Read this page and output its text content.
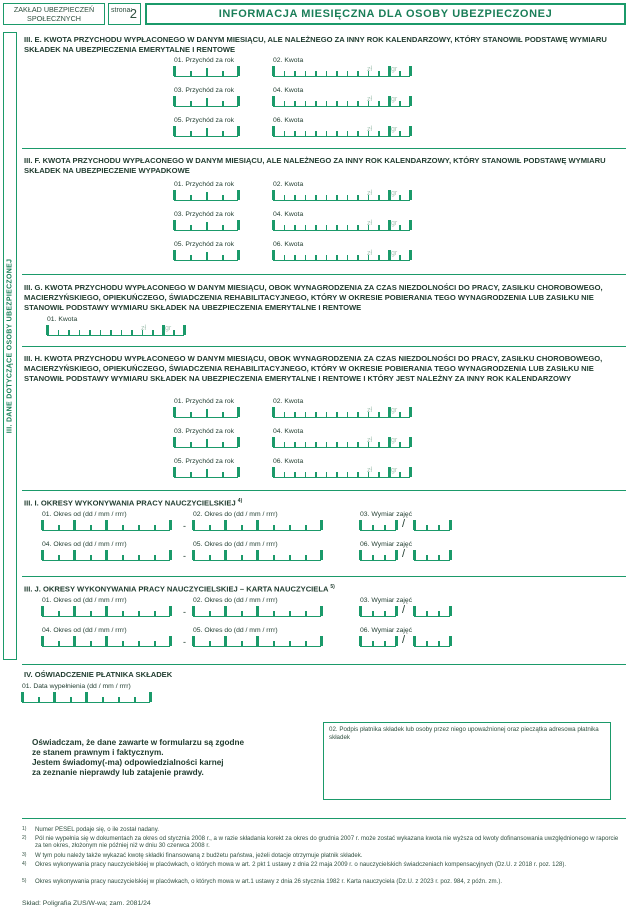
ZAKŁAD UBEZPIECZEŃ SPOŁECZNYCH
strona:
2	INFORMACJA MIESIĘCZNA DLA OSOBY UBEZPIECZONEJ
III. DANE DOTYCZĄCE OSOBY UBEZPIECZONEJ
III. E. KWOTA PRZYCHODU WYPŁACONEGO W DANYM MIESIĄCU, ALE NALEŻNEGO ZA INNY ROK KALENDARZOWY, KTÓRY STANOWIŁ PODSTAWĘ WYMIARU SKŁADEK NA UBEZPIECZENIA EMERYTALNE I RENTOWE
III. F. KWOTA PRZYCHODU WYPŁACONEGO W DANYM MIESIĄCU, ALE NALEŻNEGO ZA INNY ROK KALENDARZOWY, KTÓRY STANOWIŁ PODSTAWĘ WYMIARU SKŁADEK NA UBEZPIECZENIE WYPADKOWE
III. G. KWOTA PRZYCHODU WYPŁACONEGO W DANYM MIESIĄCU, OBOK WYNAGRODZENIA ZA CZAS NIEZDOLNOŚCI DO PRACY, ZASIŁKU CHOROBOWEGO, MACIERZYŃSKIEGO, OPIEKUŃCZEGO, ŚWIADCZENIA REHABILITACYJNEGO, KTÓRY W OKRESIE POBIERANIA TEGO WYNAGRODZENIA LUB ZASIŁKU NIE STANOWIŁ PODSTAWY WYMIARU SKŁADEK NA UBEZPIECZENIA EMERYTALNE I RENTOWE
III. H. KWOTA PRZYCHODU WYPŁACONEGO W DANYM MIESIĄCU, OBOK WYNAGRODZENIA ZA CZAS NIEZDOLNOŚCI DO PRACY, ZASIŁKU CHOROBOWEGO, MACIERZYŃSKIEGO, OPIEKUŃCZEGO, ŚWIADCZENIA REHABILITACYJNEGO, KTÓRY W OKRESIE POBIERANIA TEGO WYNAGRODZENIA LUB ZASIŁKU NIE STANOWIŁ PODSTAWY WYMIARU SKŁADEK NA UBEZPIECZENIA EMERYTALNE I RENTOWE I KTÓRY JEST NALEŻNY ZA INNY ROK KALENDARZOWY
III. I. OKRESY WYKONYWANIA PRACY NAUCZYCIELSKIEJ $^{4)}$
III. J. OKRESY WYKONYWANIA PRACY NAUCZYCIELSKIEJ – KARTA NAUCZYCIELA $^{5)}$
IV. OŚWIADCZENIE PŁATNIKA SKŁADEK
01. Przychód za rok	02. Kwota
zł	gr
03. Przychód za rok	04. Kwota
zł	gr
05. Przychód za rok	06. Kwota
zł	gr
01. Przychód za rok	02. Kwota
zł	gr
03. Przychód za rok	04. Kwota
zł	gr
05. Przychód za rok	06. Kwota
zł	gr
01. Przychód za rok	02. Kwota
zł	gr
03. Przychód za rok	04. Kwota
zł	gr
05. Przychód za rok	06. Kwota
zł	gr
01. Kwota
zł	gr
01. Okres od (dd / mm / rrrr)	02. Okres do (dd / mm / rrrr)	03. Wymiar zajęć
-	/
04. Okres od (dd / mm / rrrr)	05. Okres do (dd / mm / rrrr)	06. Wymiar zajęć
-	/
01. Okres od (dd / mm / rrrr)	02. Okres do (dd / mm / rrrr)	03. Wymiar zajęć
-	/
04. Okres od (dd / mm / rrrr)	05. Okres do (dd / mm / rrrr)	06. Wymiar zajęć
-	/
01. Data wypełnienia (dd / mm / rrrr)
Oświadczam, że dane zawarte w formularzu są zgodne
ze stanem prawnym i faktycznym.
Jestem świadomy(-ma) odpowiedzialności karnej
za zeznanie nieprawdy lub zatajenie prawdy.
02. Podpis płatnika składek lub osoby przez niego upoważnionej oraz pieczątka adresowa płatnika składek
1)	Numer PESEL podaje się, o ile został nadany.
2)	Pól nie wypełnia się w dokumentach za okres od stycznia 2008 r., a w razie składania korekt za okres do grudnia 2007 r. może zostać wykazana kwota nie wyższa od kwoty dofinansowania uwzględnionego w raporcie za ten okres, złożonym nie później niż w dniu 30 czerwca 2008 r.
3)	W tym polu należy także wykazać kwotę składki finansowaną z budżetu państwa, jeżeli dotacje otrzymuje płatnik składek.
4)	Okres wykonywania pracy nauczycielskiej w placówkach, o których mowa w art. 2 pkt 1 ustawy z dnia 22 maja 2009 r. o nauczycielskich świadczeniach kompensacyjnych (Dz.U. z 2018 r. poz. 128).
5)	Okres wykonywania pracy nauczycielskiej w placówkach, o których mowa w art.1 ustawy z dnia 26 stycznia 1982 r. Karta nauczyciela (Dz.U. z 2023 r. poz. 984, z późn. zm.).
Skład: Poligrafia ZUS/W-wa; zam. 2081/24
